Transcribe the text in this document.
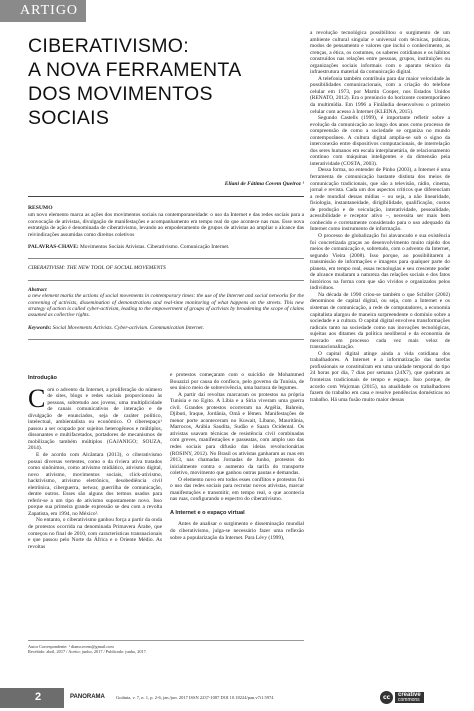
ARTIGO
CIBERATIVISMO:
A NOVA FERRAMENTA
DOS MOVIMENTOS
SOCIAIS
Eliani de Fátima Covem Queiroz ¹
RESUMO

um novo elemento marca as ações dos movimentos sociais na contemporaneidade: o uso da Internet e das redes sociais para a convocação de ativistas, divulgação de manifestações e acompanhamento em tempo real do que acontece nas ruas. Esse nova estratégia de ação é denominada de ciberativismo, levando ao empoderamento de grupos de ativistas ao ampliar o alcance das reivindicações assumidas como direitos coletivos

PALAVRAS-CHAVE: Movimentos Sociais Ativistas. Ciberativismo. Comunicação Internet.

CIBERATIVISM: THE NEW TOOL OF SOCIAL MOVEMENTS

Abstract
a new element marks the actions of social movements in contemporary times: the use of the Internet and social networks for the convening of activists, dissemination of demonstrations and real-time monitoring of what happens on the streets. This new strategy of action is called cyber-activism, leading to the empowerment of groups of activists by broadening the scope of claims assumed as collective rights.

Keywords: Social Movements Activists. Cyber-activism. Communication Internet.

Introdução

Com o advento da Internet, a proliferação do número de sites, blogs e redes sociais proporcionou às pessoas, sobretudo aos jovens, uma multiplicidade de canais comunicativos de interação e de divulgação de enunciados, seja de caráter político, intelectual, ambientalista ou econômico. O ciberespaço¹ passou a ser ocupado por sujeitos heterogêneos e múltiplos, dissonantes e multifacetados, portadores de mecanismos de mobilização também múltiplos (GAJANIGO; SOUZA, 2014).

E de acordo com Alcântara (2013), o ciberativismo possui diversas vertentes, como o da riviera ativa tratados como sinônimos, como ativismo midiático, ativismo digital, novo ativismo, movimentos sociais, click-ativismo, hacktivismo, ativismo eletrônico, desobediência civil eletrônica, ciberguerra, netwar, guerrilha de comunicação, dentre outros. Esses são alguns dos termos usados para referir-se a um tipo de ativismo supostamente novo. Isso porque sua primeira grande expressão se deu com a revolta Zapatista, em 1994, no México².

No entanto, o ciberativismo ganhou força a partir da onda de protestos ocorrida na denominada Primavera Árabe, que começou no final de 2010, com características transnacionais e que passou pelo Norte da África e o Oriente Médio. As revoltas

e protestos começaram com o suicídio de Mohammed Bouazizi por causa do confisco, pelo governo da Tunísia, de seu único meio de sobrevivência, uma barraca de legumes.

A partir daí revoltas marcaram os protestos na própria Tunísia e no Egito. A Líbia e a Síria viveram uma guerra civil. Grandes protestos ocorreram na Argélia, Bahrein, Djibuti, Iraque, Jordânia, Omã e Iêmen. Manifestações de menor porte aconteceram no Kuwait, Líbano, Mauritânia, Marrocos, Arábia Saudita, Sudão e Saara Ocidental. Os ativistas usavam técnicas de resistência civil combinadas com greves, manifestações e passeatas, com amplo uso das redes sociais para difusão das ideias revolucionárias (ROSINY, 2012). No Brasil os ativistas ganharam as ruas em 2013, nas chamadas Jornadas de Junho, protestos do inicialmente contra o aumento da tarifa do transporte coletivo, movimento que ganhou outras pautas e demandas.

O elemento novo em todos esses conflitos e protestos foi o uso das redes sociais para recrutar novos ativistas, marcar manifestações e transmitir, em tempo real, o que acontecia nas ruas, configurando o espectro do ciberativismo.

A Internet e o espaço virtual

Antes de analisar o surgimento e disseminação mundial do ciberativismo, julga-se necessário fazer uma reflexão sobre a popularização da Internet. Para Lévy (1999),

a revolução tecnológica possibilitou o surgimento de um ambiente cultural singular e universal com técnicas, práticas, modos de pensamento e valores que inclui o conhecimento, as crenças, a ética, os costumes, os saberes cotidianos e os hábitos construídos nas relações entre pessoas, grupos, instituições ou organizações sociais informais com o aparato técnico da infraestrutura material da comunicação digital.

A telefonia também contribuiu para dar maior velocidade às possibilidades comunicacionais, com a criação do telefone celular em 1973, por Martin Cooper, nos Estados Unidos (RENATO, 2012). Era o prenúncio do horizonte contemporâneo da multimídia. Em 1996 a Finlândia desenvolveu o primeiro celular com acesso à Internet (KLEINA, 2015).

Segundo Castells (1999), é importante refletir sobre a evolução da comunicação ao longo dos anos como processo de compreensão de como a sociedade se organiza no mundo contemporâneo. A cultura digital amplia-se sob o signo da interconexão entre dispositivos computacionais, de interrelação dos seres humanos em escala interplanetária, de relacionamento contínuo com máquinas inteligentes e da dimensão peia interatividade (COSTA, 2003).

Dessa forma, no entender de Pinho (2003), a Internet é uma ferramenta de comunicação bastante distinta dos meios de comunicação tradicionais, que são a televisão, rádio, cinema, jornal e revista. Cada um dos aspectos críticos que diferenciam a rede mundial dessas mídias – ou seja, a não linearidade, fisiologia, instantaneidade, dirigibilidade, qualificação, custos de produção e de veiculação, interatividade, pessoalidade, acessibilidade e receptor ativo –, necessita ser mais bem conhecido e corretamente considerado para o uso adequado da Internet como instrumento de informação.

O processo de globalização foi alavancado e sua existência foi concretizada graças ao desenvolvimento muito rápido dos meios de comunicação e, sobretudo, com o advento da Internet, segundo Vieira (2008). Isso porque, ao possibilitarem a transmissão de informações e imagens para qualquer parte do planeta, em tempo real, essas tecnologias e seu crescente poder de alcance mudaram a natureza das relações sociais e dos fatos históricos na forma com que são vividos e organizados pelos indivíduos.

Na década de 1990 criou-se também o que Schiller (2002) denominou de capital digital, ou seja, com a Internet e os sistemas de comunicação, a rede de computadores, a economia capitalista alargou de maneira surpreendente o domínio sobre a sociedade e a cultura. O capital digital envolveu transformações radicais tanto na sociedade como nas inovações tecnológicas, sujeitas aos ditames da política neoliberal e da economia de mercado em processo cada vez mais veloz de transnacionalização.

O capital digital atinge ainda a vida cotidiana dos trabalhadores. A Internet e a informatização das tarefas profissionais se constituíram em uma unidade temporal do tipo 24 horas por dia, 7 dias por semana (24X7), que quebram as fronteiras tradicionais de tempo e espaço. Isso porque, de acordo com Wajcman (2015), na atualidade os trabalhadores fazem do trabalho em casa e resolve pendências domésticas no trabalho. Há uma fusão muito maior dessas

Autor Correspondente: ¹ dianscovem@gmail.com
Recebido: abril, 2017 / Aceito: junho, 2017 / Publicado: junho, 2017.
2	PANORAMA Goiânia, v. 7, n. 1, p. 2-6, jan./jun. 2017 ISSN 2237-1087 DOI 10.18224/pan.v7i1.5974	cc	creative
commons
